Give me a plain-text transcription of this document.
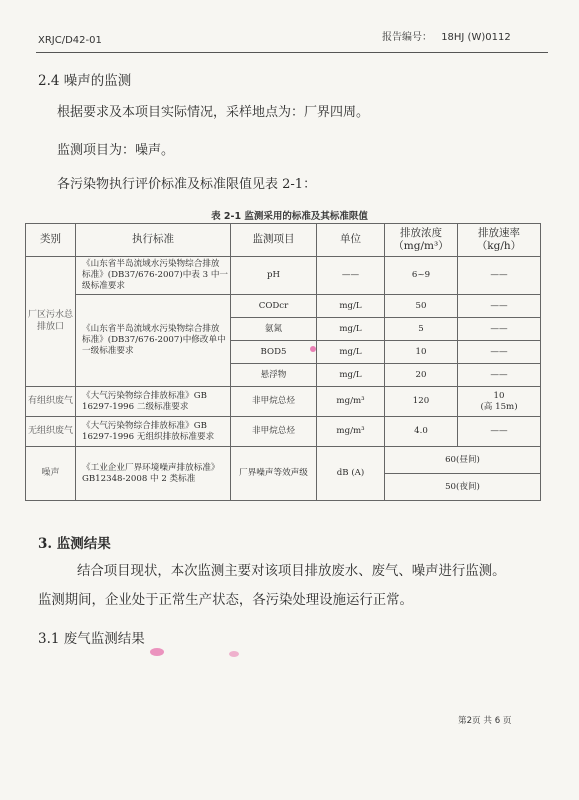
XRJC/D42-01	报告编号： 18HJ (W)0112
2.4 噪声的监测
根据要求及本项目实际情况，采样地点为：厂界四周。
监测项目为：噪声。
各污染物执行评价标准及标准限值见表 2-1：
表 2-1 监测采用的标准及其标准限值
类别	执行标准	监测项目	单位	排放浓度（mg/m³）	排放速率（kg/h）
厂区污水总排放口	《山东省半岛流域水污染物综合排放标准》(DB37/676-2007)中表 3 中一级标准要求	pH	——	6~9	——
	《山东省半岛流域水污染物综合排放标准》(DB37/676-2007)中修改单中一级标准要求	CODcr	mg/L	50	——
		氨氮	mg/L	5	——
		BOD5	mg/L	10	——
		悬浮物	mg/L	20	——
有组织废气	《大气污染物综合排放标准》GB 16297-1996 二级标准要求	非甲烷总烃	mg/m³	120	10
(高 15m)

无组织废气	《大气污染物综合排放标准》GB 16297-1996 无组织排放标准要求	非甲烷总烃	mg/m³	4.0	——
噪声	《工业企业厂界环境噪声排放标准》GB12348-2008 中 2 类标准	厂界噪声等效声级	dB (A)	60(昼间)	
				50(夜间)	
3. 监测结果
结合项目现状，本次监测主要对该项目排放废水、废气、噪声进行监测。
监测期间，企业处于正常生产状态，各污染处理设施运行正常。
3.1 废气监测结果
第2页 共 6 页
